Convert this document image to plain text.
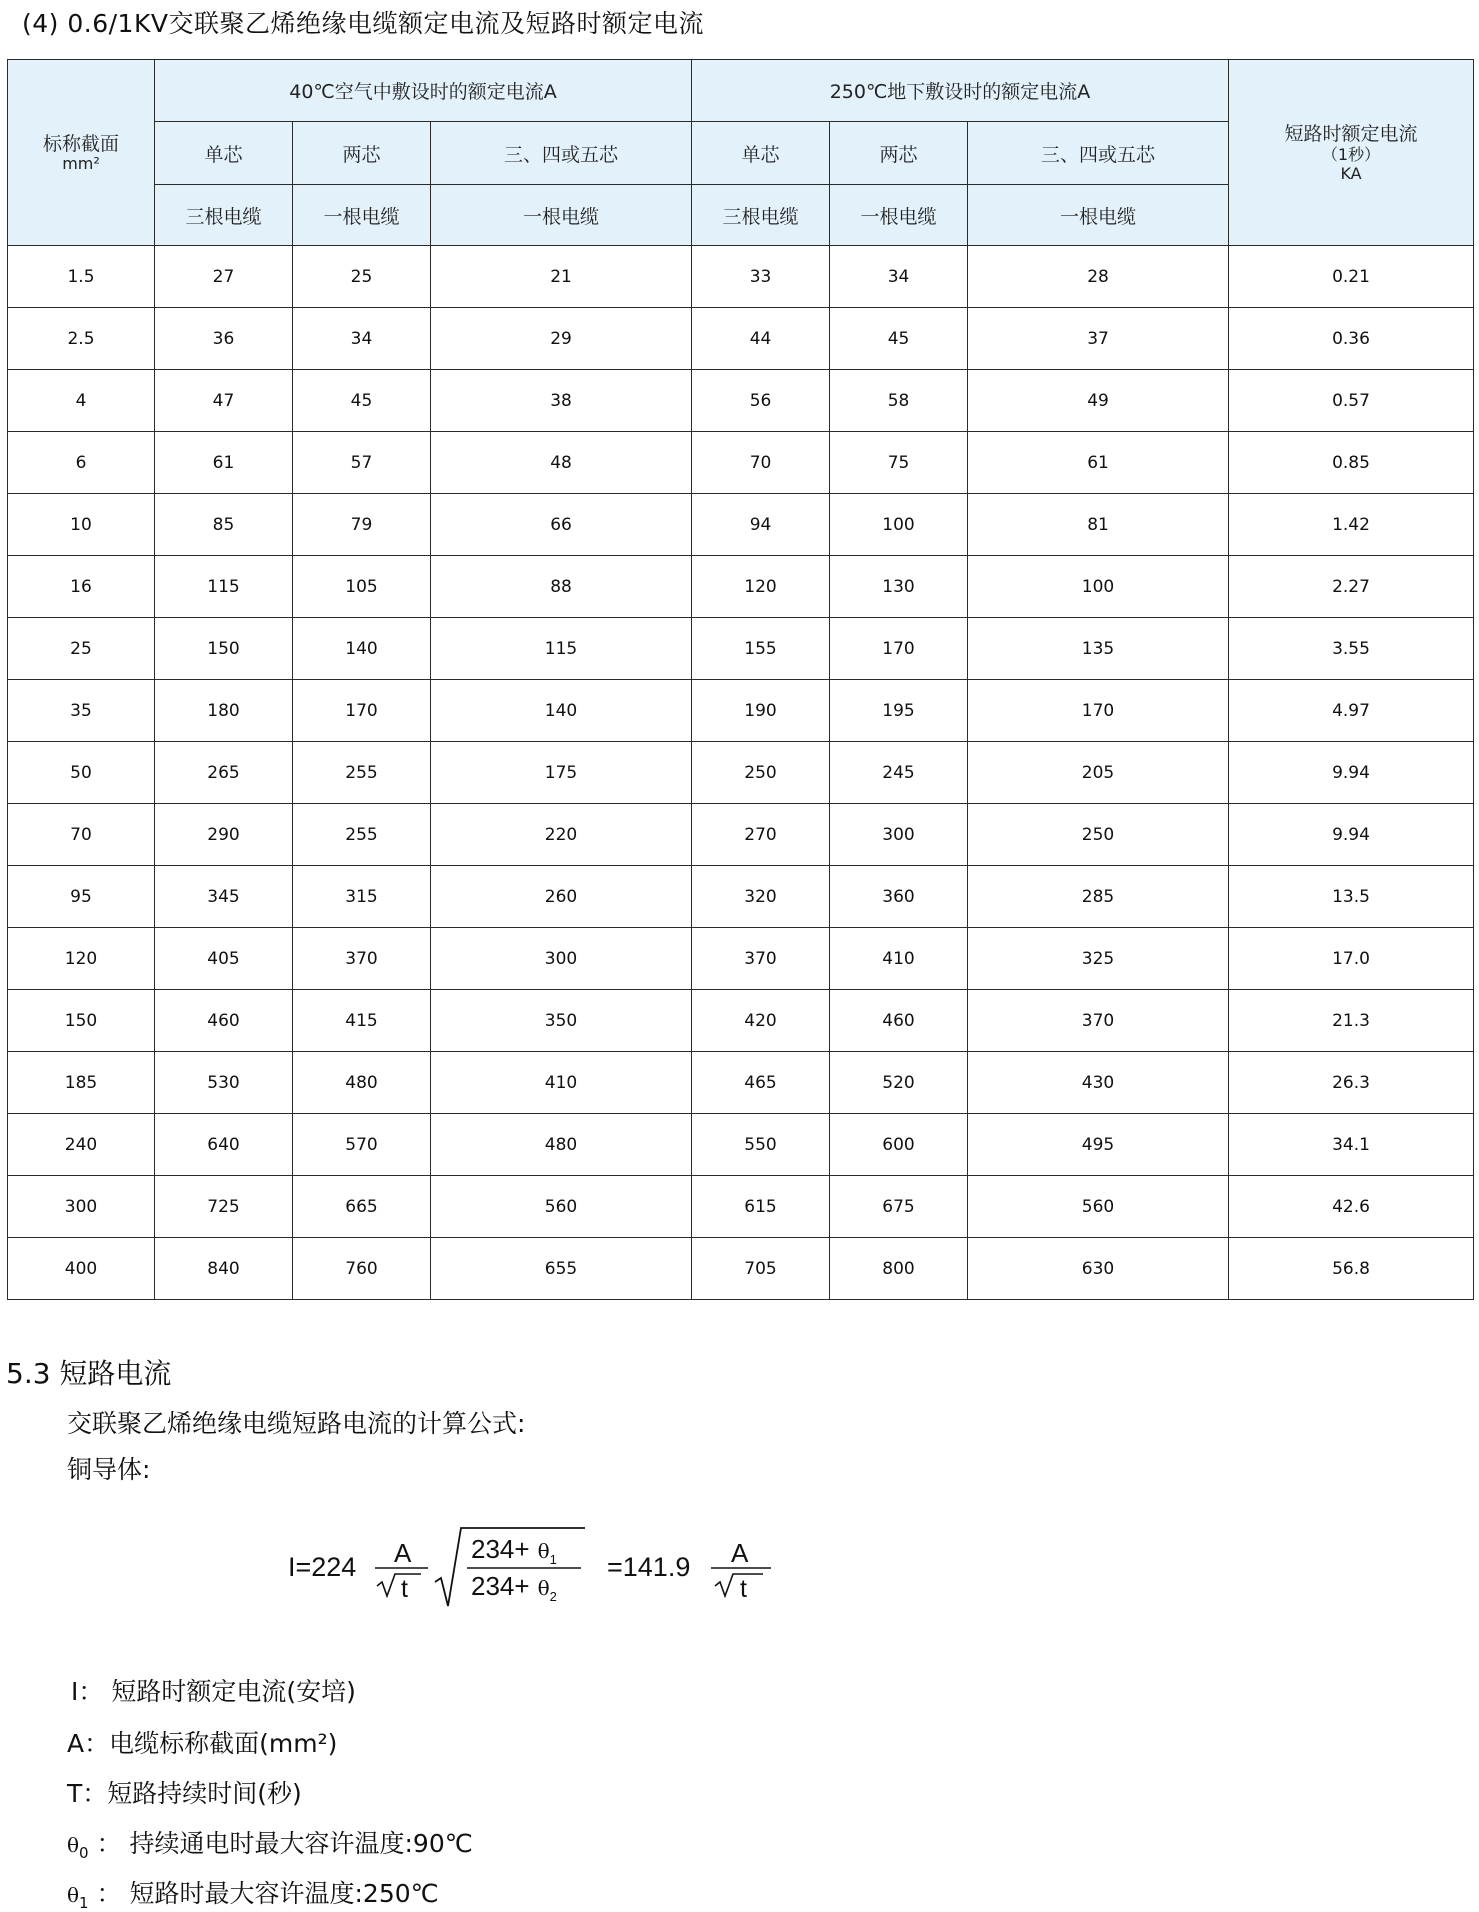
(4) 0.6/1KV交联聚乙烯绝缘电缆额定电流及短路时额定电流
标称截面
mm²	40℃空气中敷设时的额定电流A			250℃地下敷设时的额定电流A			短路时额定电流
（1秒）
KA

	单芯	两芯	三、四或五芯	单芯	两芯	三、四或五芯	
	三根电缆	一根电缆	一根电缆	三根电缆	一根电缆	一根电缆	
1.5	27	25	21	33	34	28	0.21
2.5	36	34	29	44	45	37	0.36
4	47	45	38	56	58	49	0.57
6	61	57	48	70	75	61	0.85
10	85	79	66	94	100	81	1.42
16	115	105	88	120	130	100	2.27
25	150	140	115	155	170	135	3.55
35	180	170	140	190	195	170	4.97
50	265	255	175	250	245	205	9.94
70	290	255	220	270	300	250	9.94
95	345	315	260	320	360	285	13.5
120	405	370	300	370	410	325	17.0
150	460	415	350	420	460	370	21.3
185	530	480	410	465	520	430	26.3
240	640	570	480	550	600	495	34.1
300	725	665	560	615	675	560	42.6
400	840	760	655	705	800	630	56.8
5.3 短路电流
交联聚乙烯绝缘电缆短路电流的计算公式:
铜导体:
I=224 A
t
$234+ \theta_1$
$234+ \theta_2$
=141.9 A
t
I： 短路时额定电流(安培)
A：电缆标称截面(mm²)
T：短路持续时间(秒)
$\theta_0$ ： 持续通电时最大容许温度:90℃
$\theta_1$ ： 短路时最大容许温度:250℃
